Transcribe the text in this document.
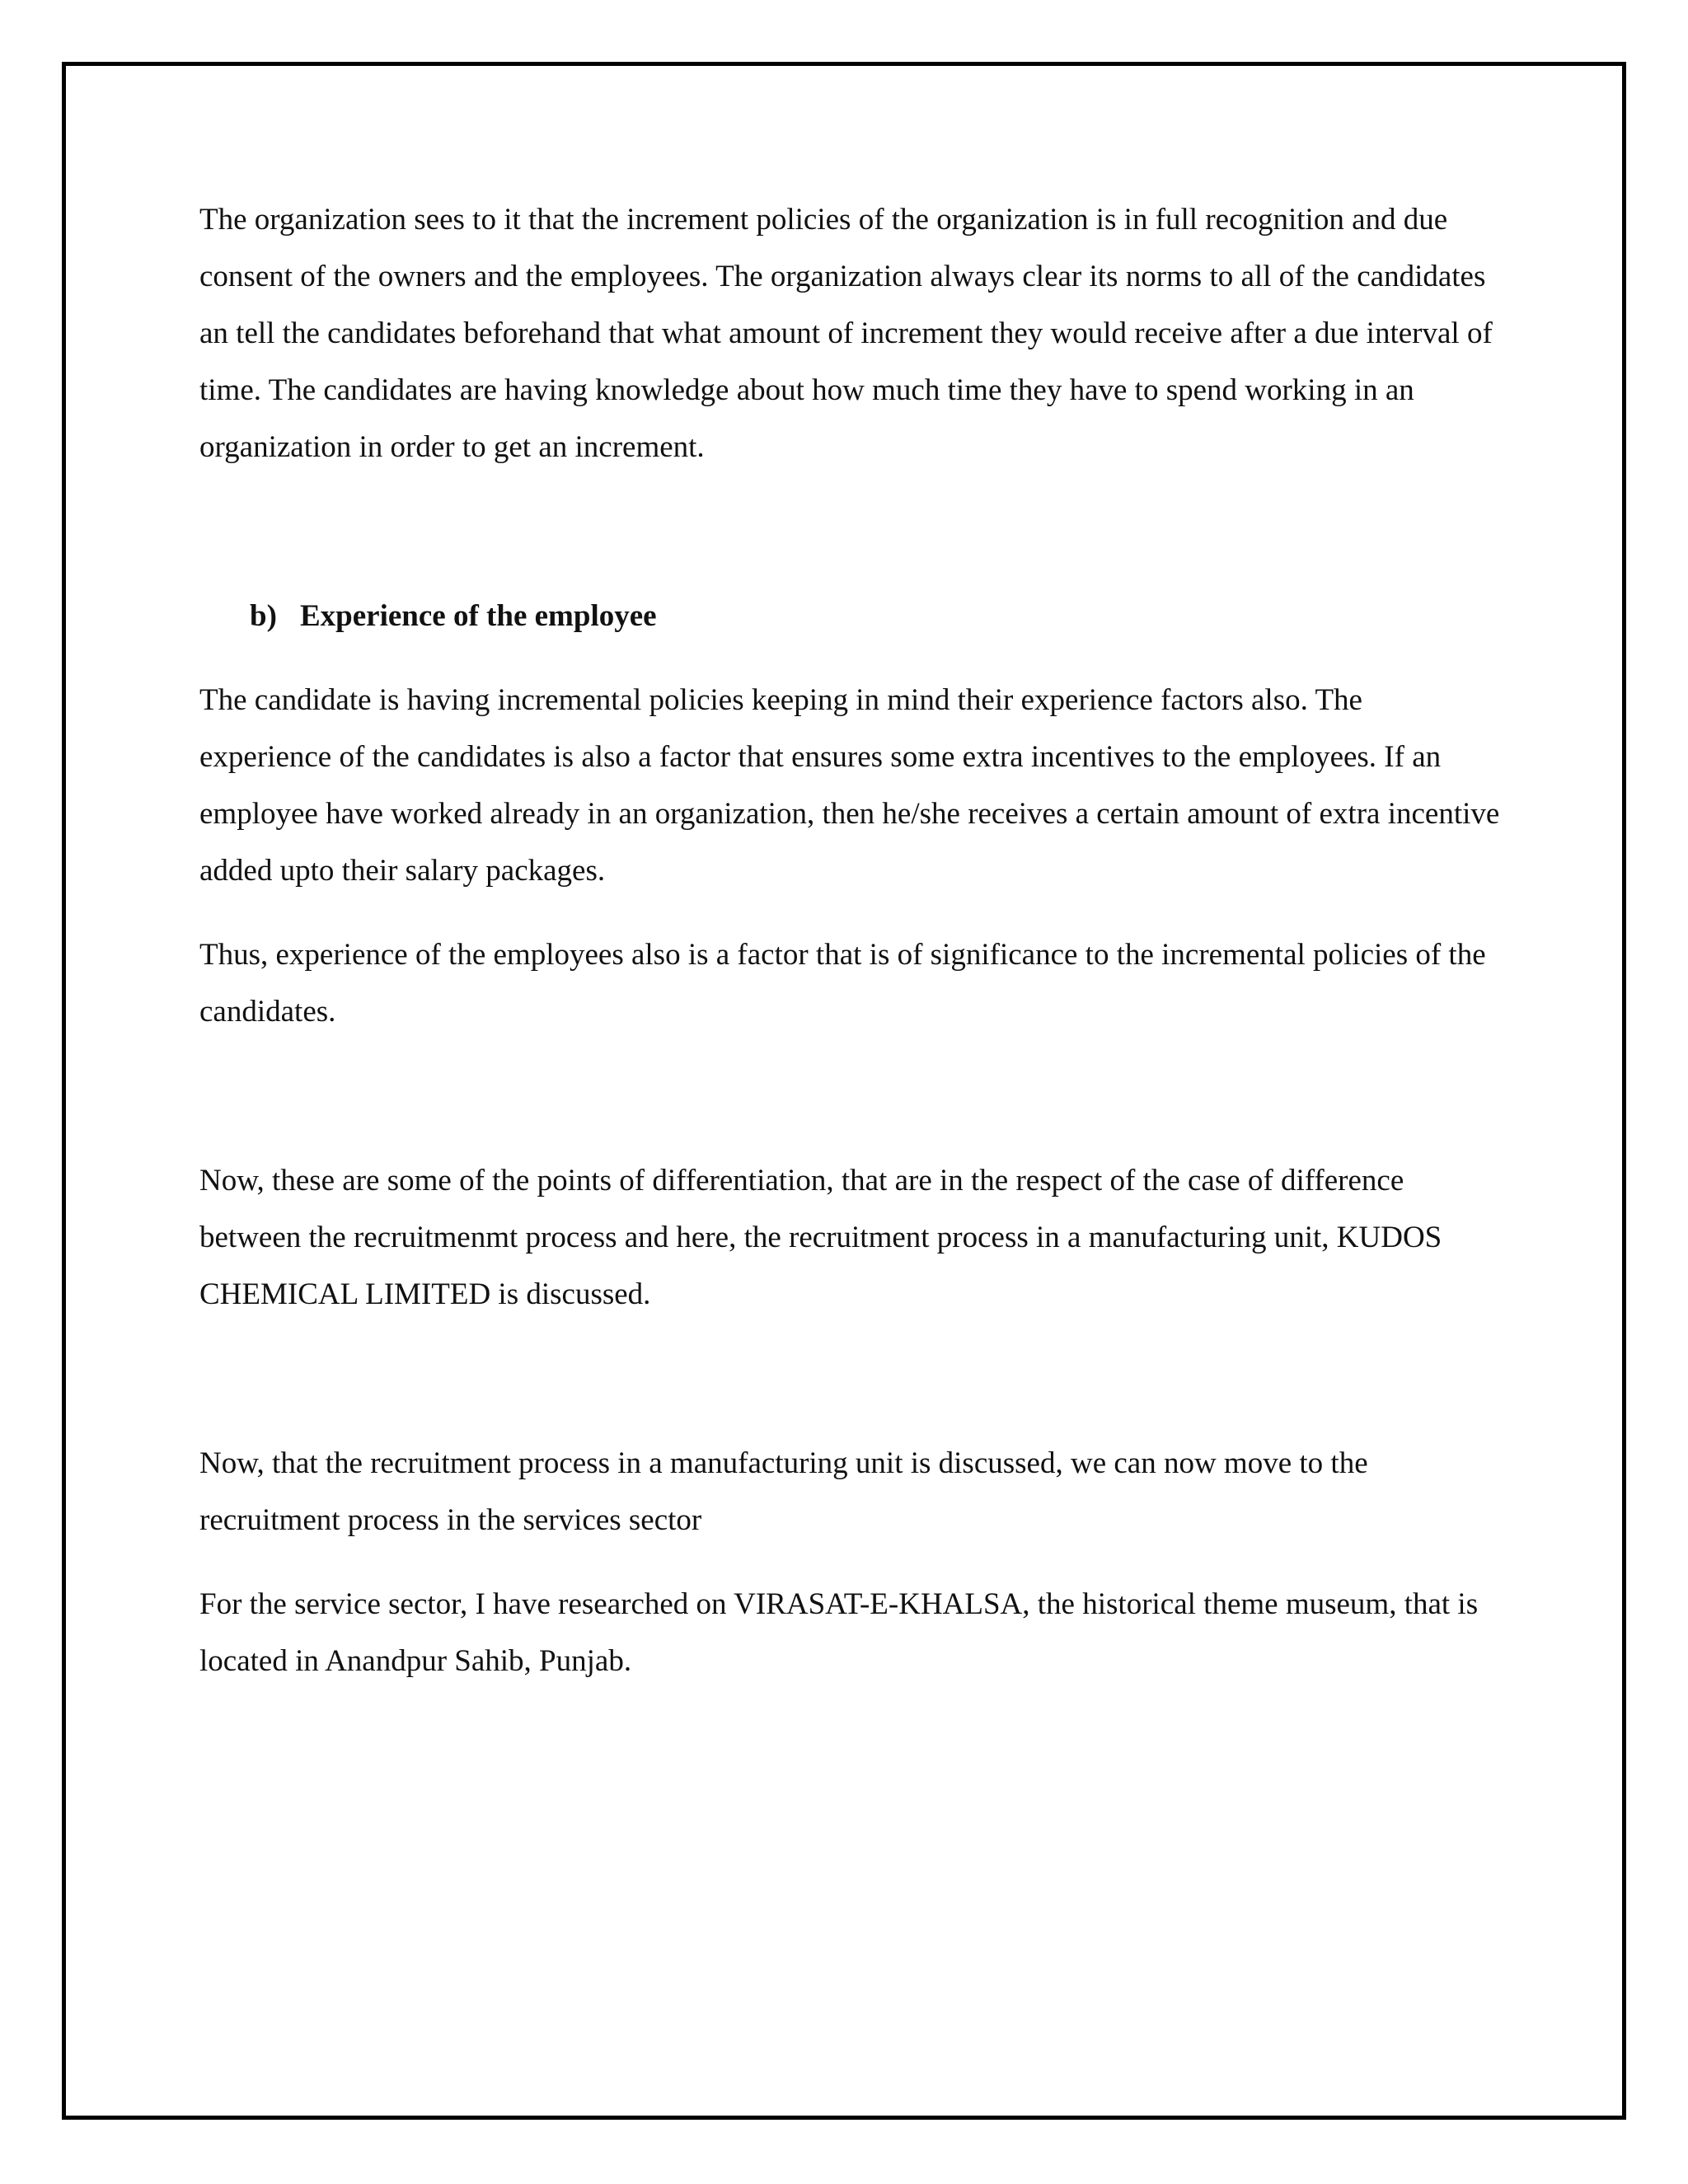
The organization sees to it that the increment policies of the organization is in full recognition and due consent of the owners and the employees. The organization always clear its norms to all of the candidates an tell the candidates beforehand that what amount of increment they would receive after a due interval of time. The candidates are having knowledge about how much time they have to spend working in an organization in order to get an increment.

b) Experience of the employee

The candidate is having incremental policies keeping in mind their experience factors also. The experience of the candidates is also a factor that ensures some extra incentives to the employees. If an employee have worked already in an organization, then he/she receives a certain amount of extra incentive added upto their salary packages.

Thus, experience of the employees also is a factor that is of significance to the incremental policies of the candidates.

Now, these are some of the points of differentiation, that are in the respect of the case of difference between the recruitmenmt process and here, the recruitment process in a manufacturing unit, KUDOS CHEMICAL LIMITED is discussed.

Now, that the recruitment process in a manufacturing unit is discussed, we can now move to the recruitment process in the services sector

For the service sector, I have researched on VIRASAT-E-KHALSA, the historical theme museum, that is located in Anandpur Sahib, Punjab.
